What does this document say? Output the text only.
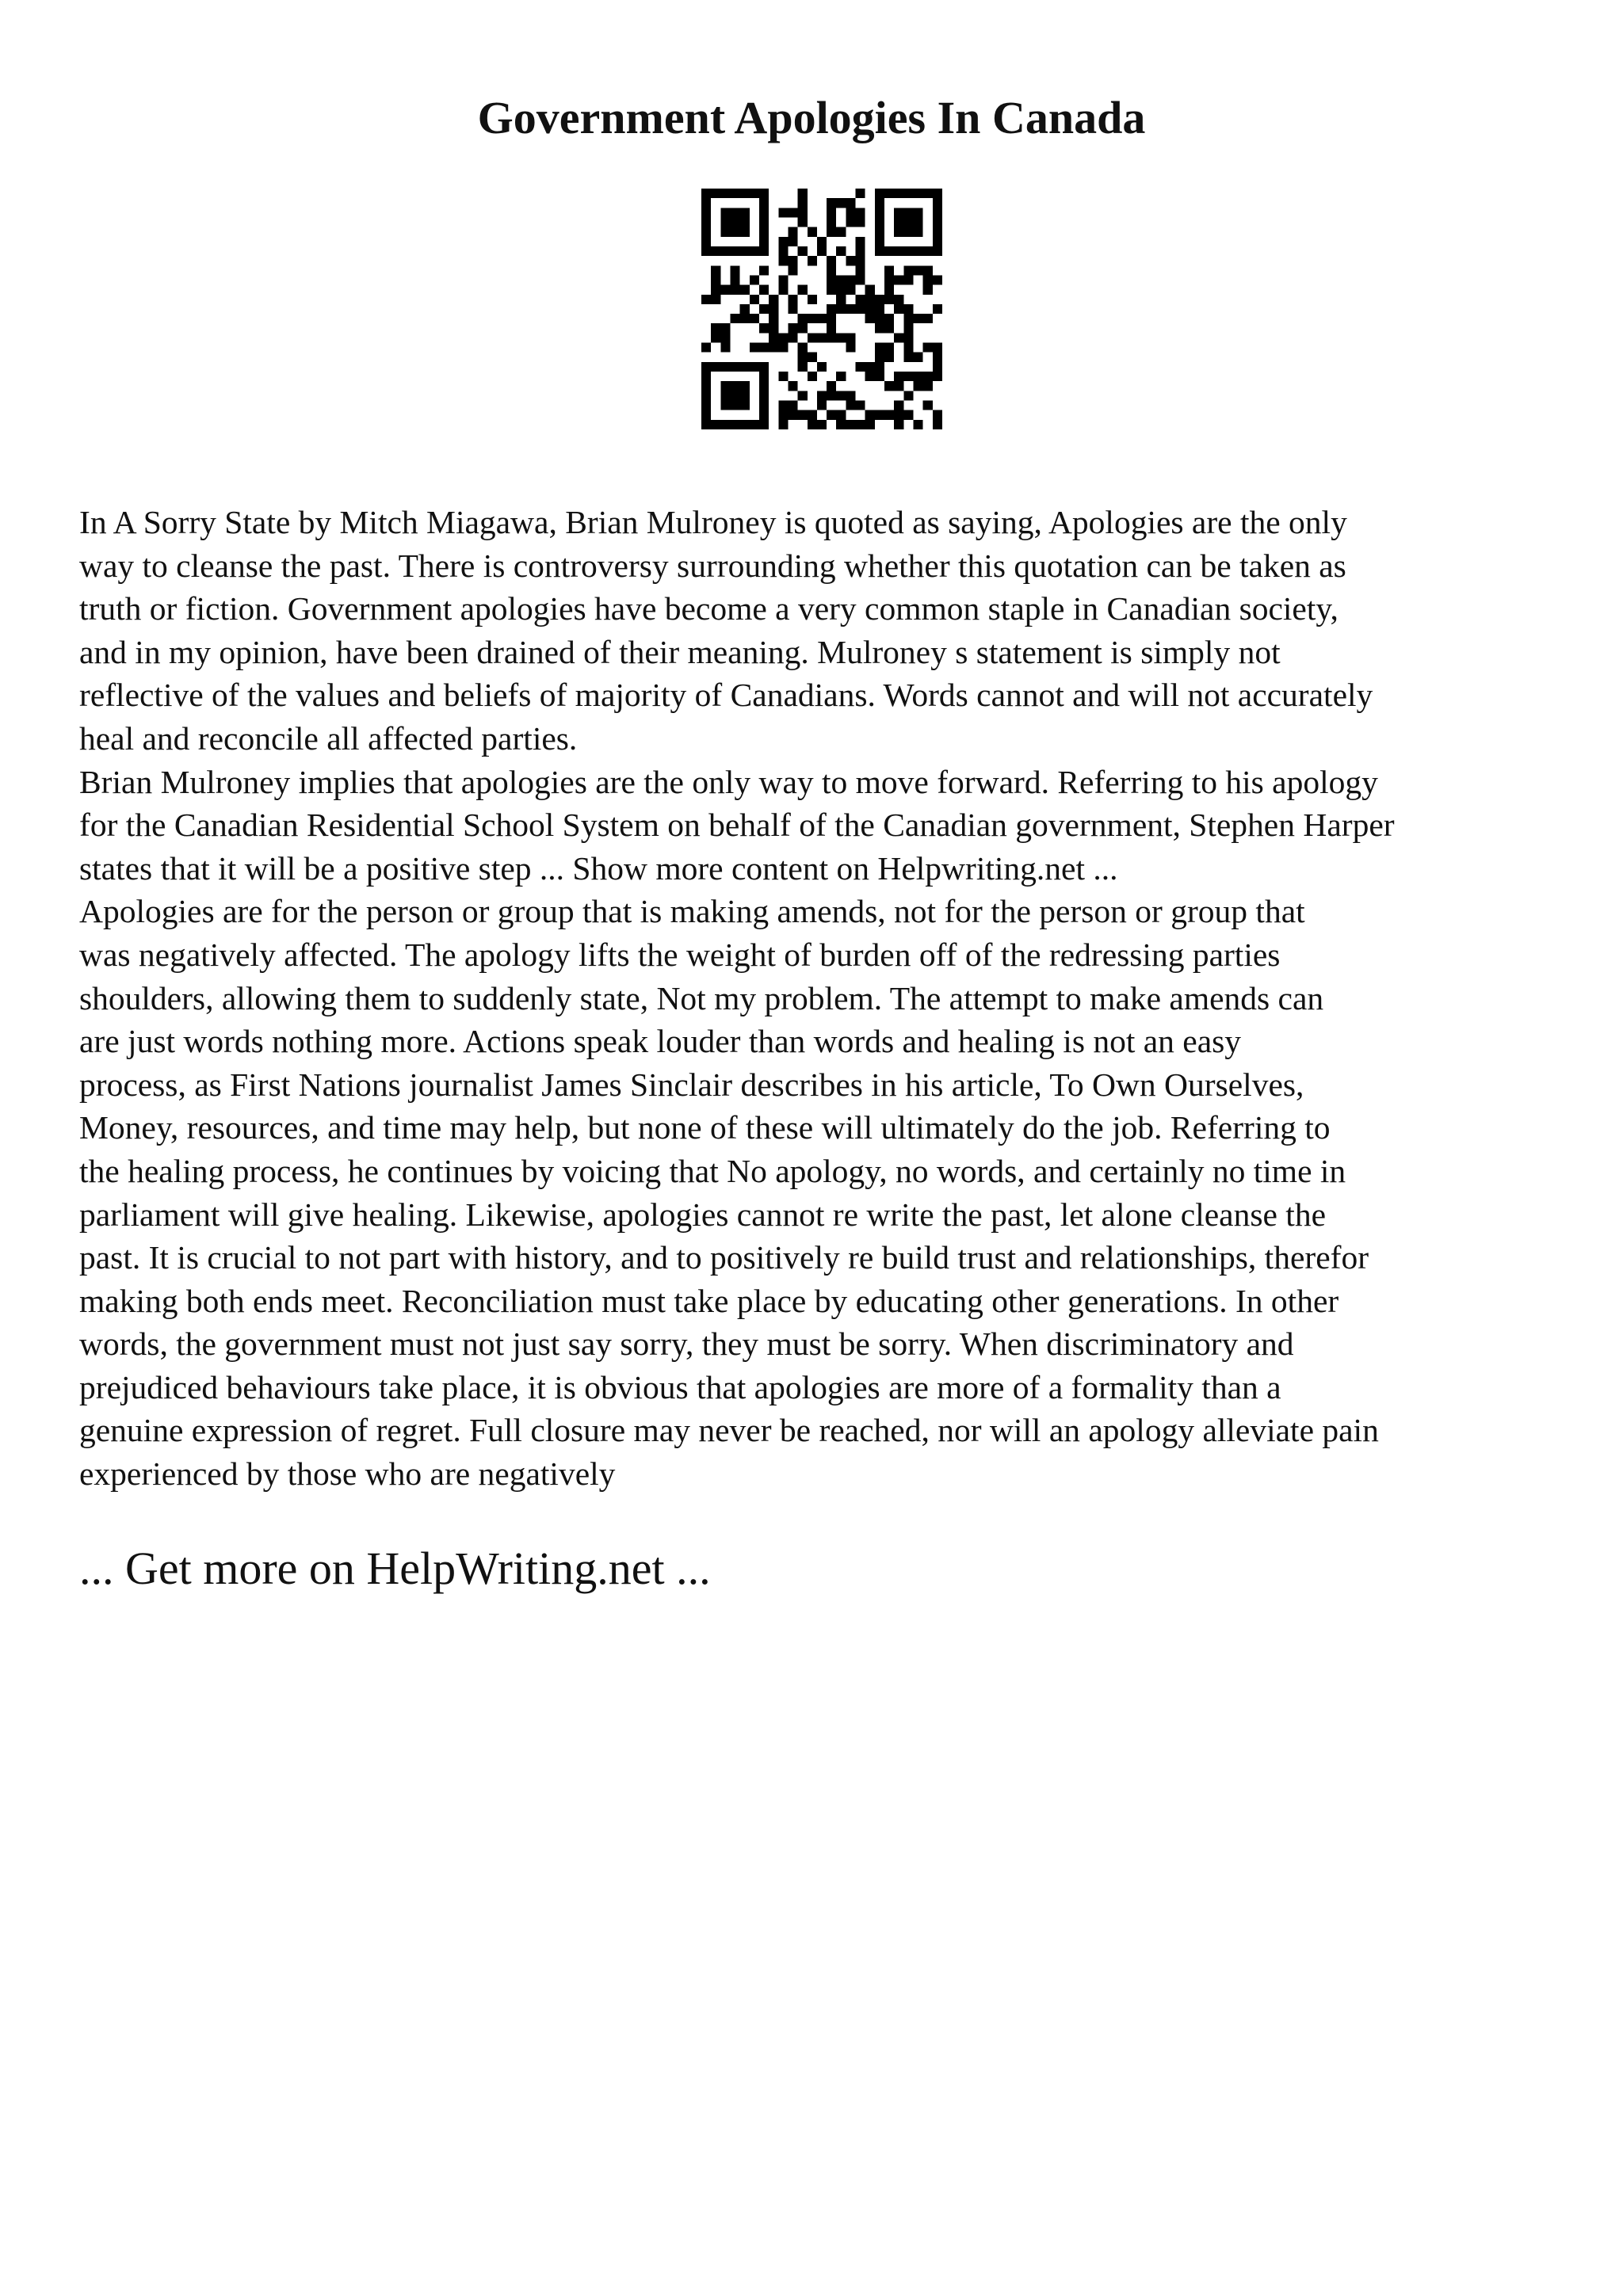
Government Apologies In Canada
In A Sorry State by Mitch Miagawa, Brian Mulroney is quoted as saying, Apologies are the only
way to cleanse the past. There is controversy surrounding whether this quotation can be taken as
truth or fiction. Government apologies have become a very common staple in Canadian society,
and in my opinion, have been drained of their meaning. Mulroney s statement is simply not
reflective of the values and beliefs of majority of Canadians. Words cannot and will not accurately
heal and reconcile all affected parties.
Brian Mulroney implies that apologies are the only way to move forward. Referring to his apology
for the Canadian Residential School System on behalf of the Canadian government, Stephen Harper
states that it will be a positive step ... Show more content on Helpwriting.net ...
Apologies are for the person or group that is making amends, not for the person or group that
was negatively affected. The apology lifts the weight of burden off of the redressing parties
shoulders, allowing them to suddenly state, Not my problem. The attempt to make amends can
are just words nothing more. Actions speak louder than words and healing is not an easy
process, as First Nations journalist James Sinclair describes in his article, To Own Ourselves,
Money, resources, and time may help, but none of these will ultimately do the job. Referring to
the healing process, he continues by voicing that No apology, no words, and certainly no time in
parliament will give healing. Likewise, apologies cannot re write the past, let alone cleanse the
past. It is crucial to not part with history, and to positively re build trust and relationships, therefor
making both ends meet. Reconciliation must take place by educating other generations. In other
words, the government must not just say sorry, they must be sorry. When discriminatory and
prejudiced behaviours take place, it is obvious that apologies are more of a formality than a
genuine expression of regret. Full closure may never be reached, nor will an apology alleviate pain
experienced by those who are negatively
... Get more on HelpWriting.net ...
